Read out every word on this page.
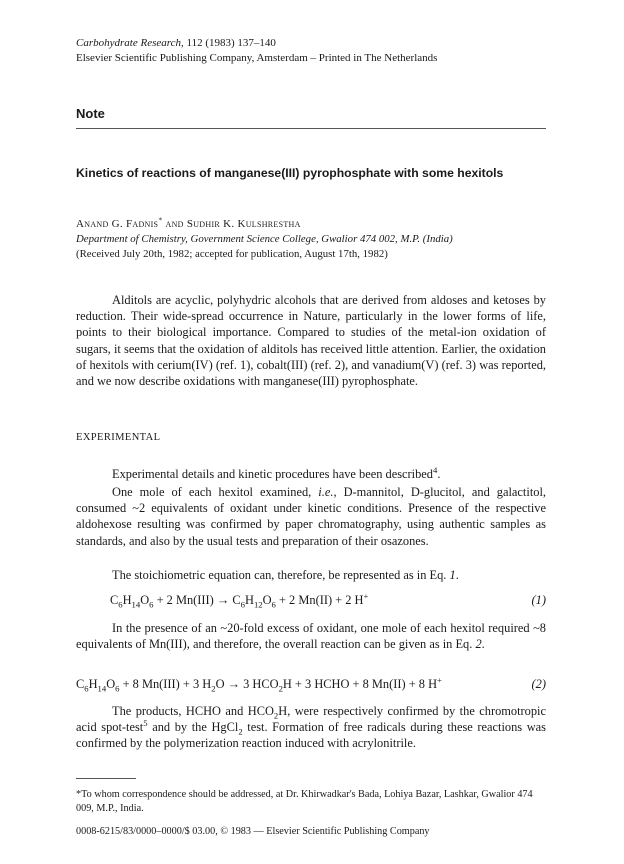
Carbohydrate Research, 112 (1983) 137–140
Elsevier Scientific Publishing Company, Amsterdam – Printed in The Netherlands
Note
Kinetics of reactions of manganese(III) pyrophosphate with some hexitols
Anand G. Fadnis* and Sudhir K. Kulshrestha
Department of Chemistry, Government Science College, Gwalior 474 002, M.P. (India)
(Received July 20th, 1982; accepted for publication, August 17th, 1982)
Alditols are acyclic, polyhydric alcohols that are derived from aldoses and ketoses by reduction. Their wide-spread occurrence in Nature, particularly in the lower forms of life, points to their biological importance. Compared to studies of the metal-ion oxidation of sugars, it seems that the oxidation of alditols has received little attention. Earlier, the oxidation of hexitols with cerium(IV) (ref. 1), cobalt(III) (ref. 2), and vanadium(V) (ref. 3) was reported, and we now describe oxidations with manganese(III) pyrophosphate.
EXPERIMENTAL
Experimental details and kinetic procedures have been described$^4$.
One mole of each hexitol examined, i.e., D-mannitol, D-glucitol, and galactitol, consumed ~2 equivalents of oxidant under kinetic conditions. Presence of the respective aldohexose resulting was confirmed by paper chromatography, using authentic samples as standards, and also by the usual tests and preparation of their osazones.
The stoichiometric equation can, therefore, be represented as in Eq. 1.
$C_6H_{14}O_6 + 2$ $Mn(III) \to C_6H_{12}O_6 + 2$ Mn(II) + 2 H+	(1)
In the presence of an ~20-fold excess of oxidant, one mole of each hexitol required ~8 equivalents of Mn(III), and therefore, the overall reaction can be given as in Eq. 2.
$C_6H_{14}O_6 + 8$ Mn(III) + 3 $H_2O \to 3$ $HCO_2H + 3$ HCHO + 8 Mn(II) + 8 H+	(2)
The products, HCHO and $HCO_2H$, were respectively confirmed by the chromotropic acid spot-test$^5$ and by the HgCl$_2$ test. Formation of free radicals during these reactions was confirmed by the polymerization reaction induced with acrylonitrile.
*To whom correspondence should be addressed, at Dr. Khirwadkar's Bada, Lohiya Bazar, Lashkar, Gwalior 474 009, M.P., India.
0008-6215/83/0000–0000/$ 03.00, © 1983 — Elsevier Scientific Publishing Company
